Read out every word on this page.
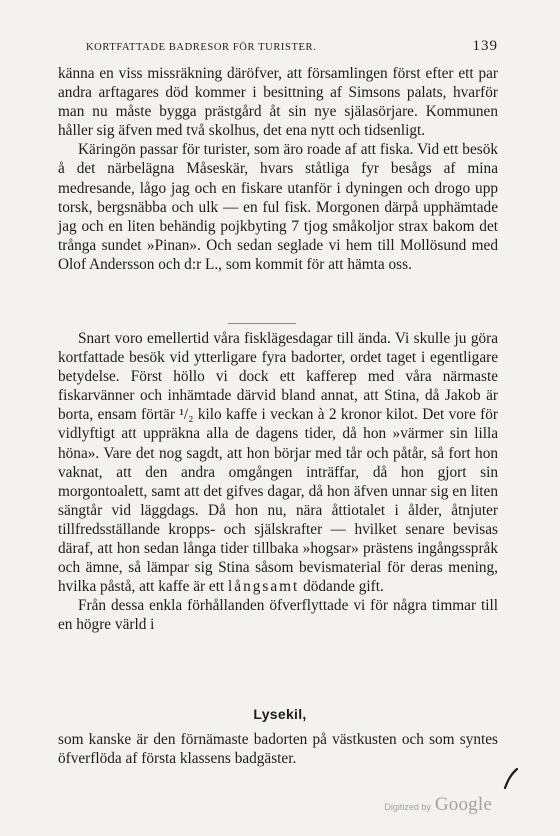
KORTFATTADE BADRESOR FÖR TURISTER.	139

känna en viss missräkning däröfver, att församlingen först efter ett par andra arftagares död kommer i besittning af Simsons palats, hvarför man nu måste bygga prästgård åt sin nye själasörjare. Kommunen håller sig äfven med två skolhus, det ena nytt och tidsenligt.

Käringön passar för turister, som äro roade af att fiska. Vid ett besök å det närbelägna Måseskär, hvars ståtliga fyr besågs af mina medresande, lågo jag och en fiskare utanför i dyningen och drogo upp torsk, bergsnäbba och ulk — en ful fisk. Morgonen därpå upphämtade jag och en liten behändig pojkbyting 7 tjog småkoljor strax bakom det trånga sundet »Pinan». Och sedan seglade vi hem till Mollösund med Olof Andersson och d:r L., som kommit för att hämta oss.

Snart voro emellertid våra fisklägesdagar till ända. Vi skulle ju göra kortfattade besök vid ytterligare fyra badorter, ordet taget i egentligare betydelse. Först höllo vi dock ett kafferep med våra närmaste fiskarvänner och inhämtade därvid bland annat, att Stina, då Jakob är borta, ensam förtär ¹/₂ kilo kaffe i veckan à 2 kronor kilot. Det vore för vidlyftigt att uppräkna alla de dagens tider, då hon »värmer sin lilla höna». Vare det nog sagdt, att hon börjar med tår och påtår, så fort hon vaknat, att den andra omgången inträffar, då hon gjort sin morgontoalett, samt att det gifves dagar, då hon äfven unnar sig en liten sängtår vid läggdags. Då hon nu, nära åttiotalet i ålder, åtnjuter tillfredsställande kropps- och själskrafter — hvilket senare bevisas däraf, att hon sedan långa tider tillbaka »hogsar» prästens ingångsspråk och ämne, så lämpar sig Stina såsom bevismaterial för deras mening, hvilka påstå, att kaffe är ett långsamt dödande gift.

Från dessa enkla förhållanden öfverflyttade vi för några timmar till en högre värld i

Lysekil,

som kanske är den förnämaste badorten på västkusten och som syntes öfverflöda af första klassens badgäster.

Digitized by Google
